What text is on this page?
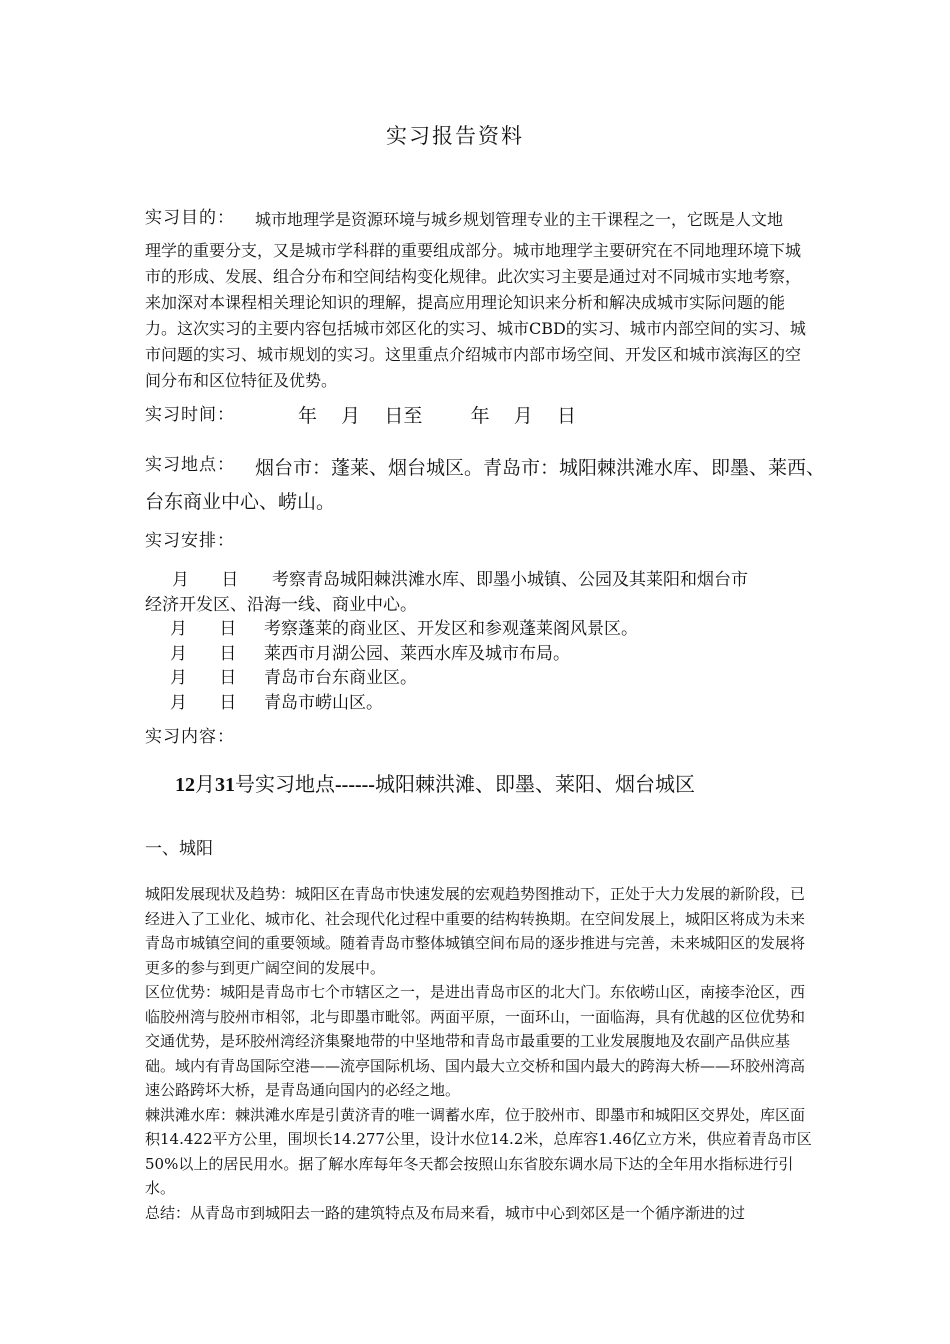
实习报告资料
实习目的： 城市地理学是资源环境与城乡规划管理专业的主干课程之一，它既是人文地
理学的重要分支，又是城市学科群的重要组成部分。城市地理学主要研究在不同地理环境下城市的形成、发展、组合分布和空间结构变化规律。此次实习主要是通过对不同城市实地考察，来加深对本课程相关理论知识的理解，提高应用理论知识来分析和解决成城市实际问题的能力。这次实习的主要内容包括城市郊区化的实习、城市CBD的实习、城市内部空间的实习、城市问题的实习、城市规划的实习。这里重点介绍城市内部市场空间、开发区和城市滨海区的空间分布和区位特征及优势。
实习时间：	年    月    日至        年    月    日
实习地点： 烟台市：蓬莱、烟台城区。青岛市：城阳棘洪滩水库、即墨、莱西、
台东商业中心、崂山。
实习安排：
月      日 考察青岛城阳棘洪滩水库、即墨小城镇、公园及其莱阳和烟台市
经济开发区、沿海一线、商业中心。
月      日 考察蓬莱的商业区、开发区和参观蓬莱阁风景区。
月      日 莱西市月湖公园、莱西水库及城市布局。
月      日 青岛市台东商业区。
月      日 青岛市崂山区。
实习内容：
12月31号实习地点------城阳棘洪滩、即墨、莱阳、烟台城区
一、城阳

城阳发展现状及趋势：城阳区在青岛市快速发展的宏观趋势图推动下，正处于大力发展的新阶段，已经进入了工业化、城市化、社会现代化过程中重要的结构转换期。在空间发展上，城阳区将成为未来青岛市城镇空间的重要领域。随着青岛市整体城镇空间布局的逐步推进与完善，未来城阳区的发展将更多的参与到更广阔空间的发展中。

区位优势：城阳是青岛市七个市辖区之一，是进出青岛市区的北大门。东依崂山区，南接李沧区，西临胶州湾与胶州市相邻，北与即墨市毗邻。两面平原，一面环山，一面临海，具有优越的区位优势和交通优势，是环胶州湾经济集聚地带的中坚地带和青岛市最重要的工业发展腹地及农副产品供应基础。域内有青岛国际空港——流亭国际机场、国内最大立交桥和国内最大的跨海大桥——环胶州湾高速公路跨坏大桥，是青岛通向国内的必经之地。

棘洪滩水库：棘洪滩水库是引黄济青的唯一调蓄水库，位于胶州市、即墨市和城阳区交界处，库区面积14.422平方公里，围坝长14.277公里，设计水位14.2米，总库容1.46亿立方米，供应着青岛市区 50%以上的居民用水。据了解水库每年冬天都会按照山东省胶东调水局下达的全年用水指标进行引水。

总结：从青岛市到城阳去一路的建筑特点及布局来看，城市中心到郊区是一个循序渐进的过
